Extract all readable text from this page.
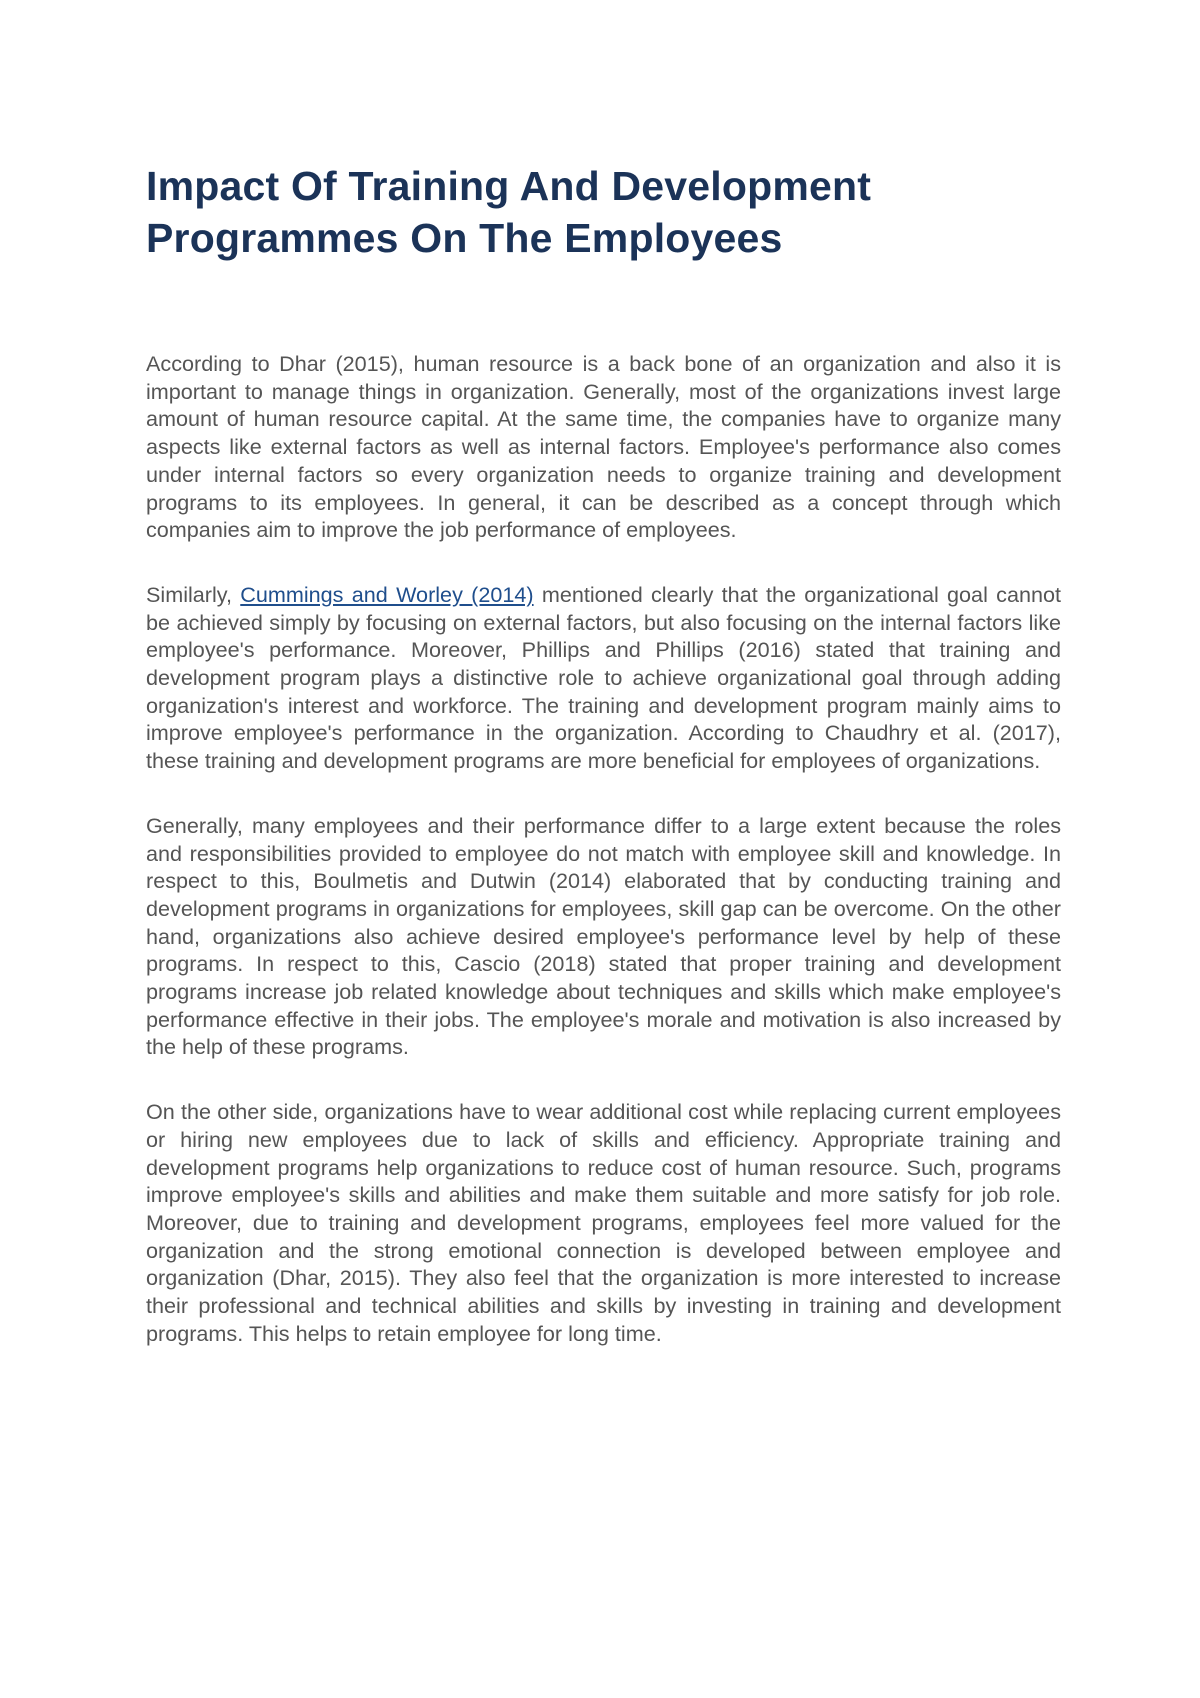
Impact Of Training And Development Programmes On The Employees

According to Dhar (2015), human resource is a back bone of an organization and also it is important to manage things in organization. Generally, most of the organizations invest large amount of human resource capital. At the same time, the companies have to organize many aspects like external factors as well as internal factors. Employee's performance also comes under internal factors so every organization needs to organize training and development programs to its employees. In general, it can be described as a concept through which companies aim to improve the job performance of employees.

Similarly, Cummings and Worley (2014) mentioned clearly that the organizational goal cannot be achieved simply by focusing on external factors, but also focusing on the internal factors like employee's performance. Moreover, Phillips and Phillips (2016) stated that training and development program plays a distinctive role to achieve organizational goal through adding organization's interest and workforce. The training and development program mainly aims to improve employee's performance in the organization. According to Chaudhry et al. (2017), these training and development programs are more beneficial for employees of organizations.

Generally, many employees and their performance differ to a large extent because the roles and responsibilities provided to employee do not match with employee skill and knowledge. In respect to this, Boulmetis and Dutwin (2014) elaborated that by conducting training and development programs in organizations for employees, skill gap can be overcome. On the other hand, organizations also achieve desired employee's performance level by help of these programs. In respect to this, Cascio (2018) stated that proper training and development programs increase job related knowledge about techniques and skills which make employee's performance effective in their jobs. The employee's morale and motivation is also increased by the help of these programs.

On the other side, organizations have to wear additional cost while replacing current employees or hiring new employees due to lack of skills and efficiency. Appropriate training and development programs help organizations to reduce cost of human resource. Such, programs improve employee's skills and abilities and make them suitable and more satisfy for job role. Moreover, due to training and development programs, employees feel more valued for the organization and the strong emotional connection is developed between employee and organization (Dhar, 2015). They also feel that the organization is more interested to increase their professional and technical abilities and skills by investing in training and development programs. This helps to retain employee for long time.
